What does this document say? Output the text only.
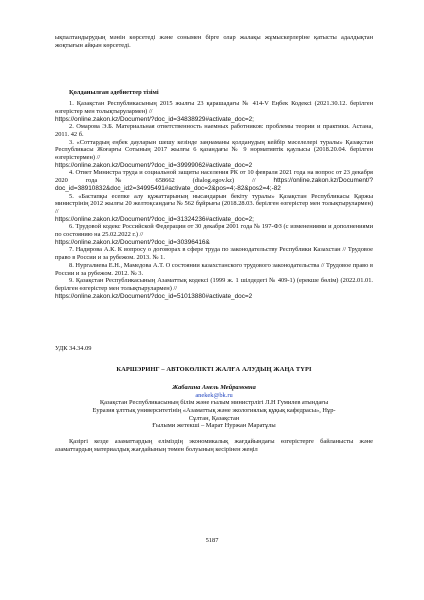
ықпалтандырудың мәнін көрсетеді және сонымен бірге олар жалақы жұмыскерлеріне қатысты адалдықтан жоқтығын айқын көрсетеді.

Қолданылған әдебиеттер тізімі

1. Қазақстан Республикасының 2015 жылғы 23 қарашадағы № 414-V Еңбек Кодексі (2021.30.12. берілген өзгерістер мен толықтырулармен) //
https://online.zakon.kz/Document/?doc_id=34838929#activate_doc=2;

2. Омарова Э.Б. Материальная ответственность наемных работников: проблемы теории и практики. Астана, 2011. 42 б.

3. «Соттардың еңбек дауларын шешу кезінде заңнаманы қолданудың кейбір мәселелері туралы» Қазақстан Республикасы Жоғарғы Сотының 2017 жылғы 6 қазандағы № 9 нормативтік қаулысы (2018.20.04. берілген өзгерістермен) //
https://online.zakon.kz/Document/?doc_id=39999062#activate_doc=2

4. Ответ Министра труда и социальной защиты населения РК от 10 февраля 2021 года на вопрос от 23 декабря 2020 года № 658662 (dialog.egov.kz) //	https://online.zakon.kz/Document/?doc_id=38910832&doc_id2=34995491#activate_doc=2&pos=4;-82&pos2=4;-82

5. «Бастапқы есепке алу құжаттарының нысандарын бекіту туралы» Қазақстан Республикасы Қаржы министрінің 2012 жылғы 20 желтоқсандағы № 562 бұйрығы (2018.28.03. берілген өзгерістер мен толықтырулармен) //
https://online.zakon.kz/Document/?doc_id=31324236#activate_doc=2;

6. Трудовой кодекс Российской Федерации от 30 декабря 2001 года № 197-ФЗ (с изменениями и дополнениями по состоянию на 25.02.2022 г.) //
https://online.zakon.kz/Document/?doc_id=30396416&

7. Надирова А.К. К вопросу о договорах в сфере труда по законодательству Республики Казахстан // Трудовое право в России и за рубежом. 2013. № 1.

8. Нургалиева Е.Н., Мамедова А.Т. О состоянии казахстанского трудового законодательства // Трудовое право в России и за рубежом. 2012. № 3.

9. Қазақстан Республикасының Азаматтық кодексі (1999 ж. 1 шілдедегі № 409-1) (ерекше бөлім) (2022.01.01. берілген өзгерістер мен толықтырулармен) //
https://online.zakon.kz/Document/?doc_id=51013880#activate_doc=2

УДК 34.34.09

КАРШЭРИНГ – АВТОКӨЛІКТІ ЖАЛҒА АЛУДЫҢ ЖАҢА ТҮРІ

Жабагина Анель Мейрамовна

anekek@bk.ru

Қазақстан Республикасының білім және ғылым министрлігі Л.Н Гумилев атындағы

Еуразия ұлттық университетінің «Азаматтық және экологиялық құқық кафедрасы», Нұр-

Сұлтан, Қазақстан

Ғылыми жетекші – Марат Нуржан Маратұлы

Қазіргі кезде азаматтардың еліміздің экономикалық жағдайындағы өзгерістерге байланысты және азаматтардың материалдық жағдайының төмен болуының кесірінен жеңіл

5187
